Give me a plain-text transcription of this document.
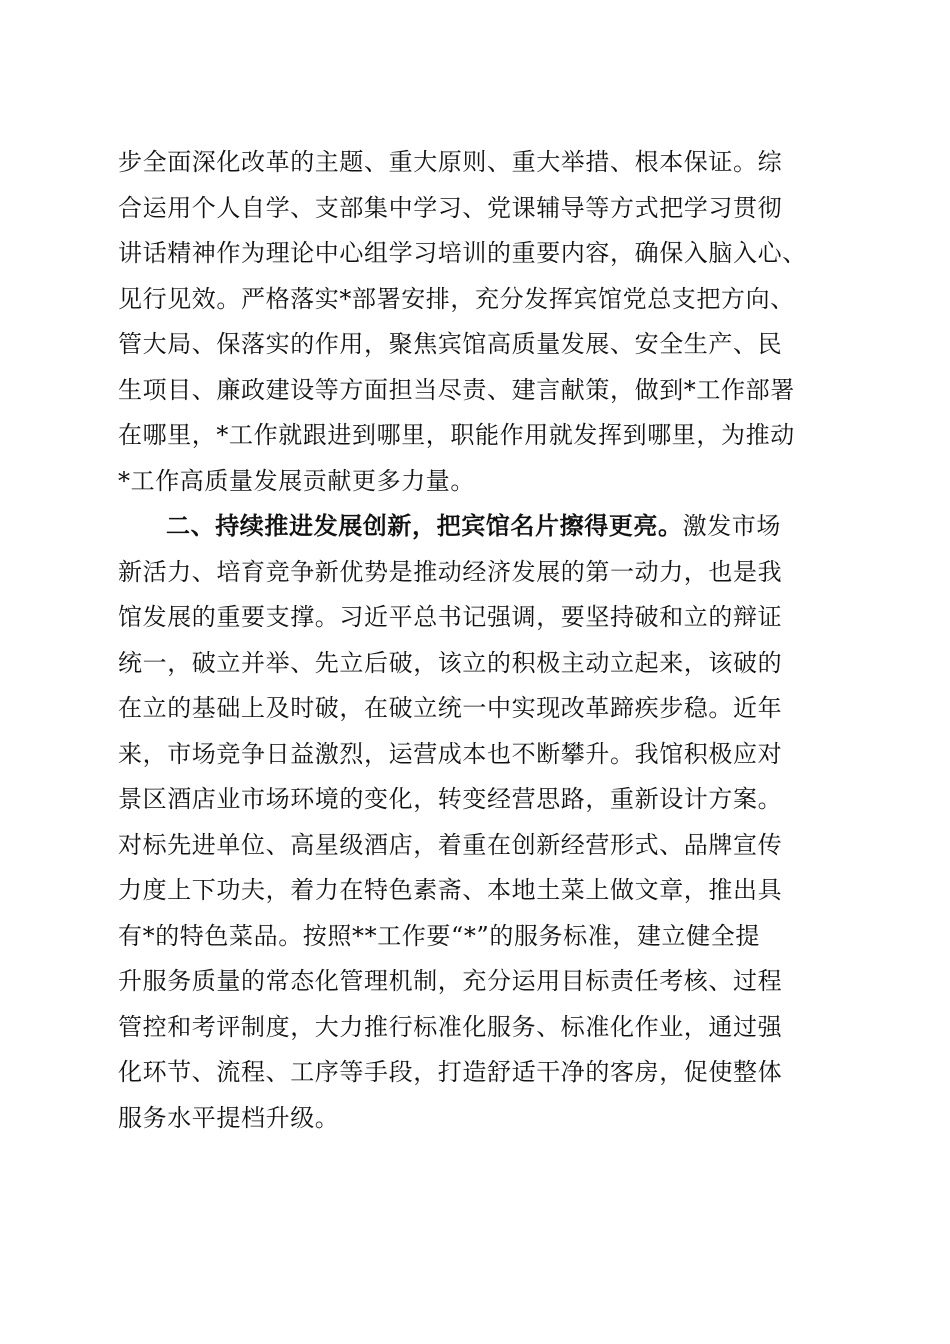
步全面深化改革的主题、重大原则、重大举措、根本保证。综
合运用个人自学、支部集中学习、党课辅导等方式把学习贯彻
讲话精神作为理论中心组学习培训的重要内容，确保入脑入心、
见行见效。严格落实*部署安排，充分发挥宾馆党总支把方向、
管大局、保落实的作用，聚焦宾馆高质量发展、安全生产、民
生项目、廉政建设等方面担当尽责、建言献策，做到*工作部署
在哪里，*工作就跟进到哪里，职能作用就发挥到哪里，为推动
*工作高质量发展贡献更多力量。
二、持续推进发展创新，把宾馆名片擦得更亮。激发市场
新活力、培育竞争新优势是推动经济发展的第一动力，也是我
馆发展的重要支撑。习近平总书记强调，要坚持破和立的辩证
统一，破立并举、先立后破，该立的积极主动立起来，该破的
在立的基础上及时破，在破立统一中实现改革蹄疾步稳。近年
来，市场竞争日益激烈，运营成本也不断攀升。我馆积极应对
景区酒店业市场环境的变化，转变经营思路，重新设计方案。
对标先进单位、高星级酒店，着重在创新经营形式、品牌宣传
力度上下功夫，着力在特色素斋、本地土菜上做文章，推出具
有*的特色菜品。按照**工作要“*”的服务标准，建立健全提
升服务质量的常态化管理机制，充分运用目标责任考核、过程
管控和考评制度，大力推行标准化服务、标准化作业，通过强
化环节、流程、工序等手段，打造舒适干净的客房，促使整体
服务水平提档升级。
